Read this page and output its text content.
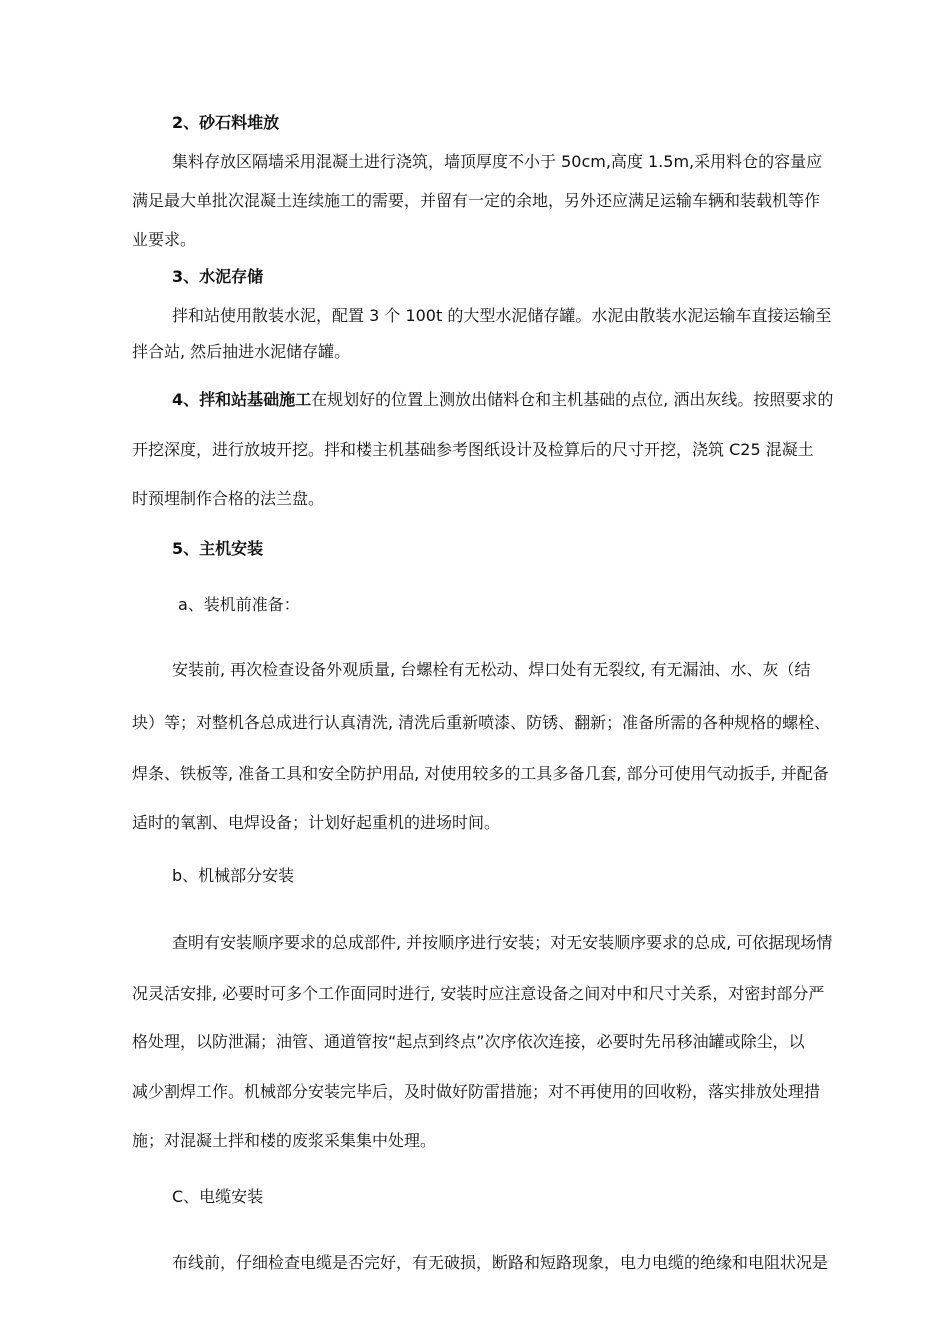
2、砂石料堆放

集料存放区隔墙采用混凝土进行浇筑，墙顶厚度不小于 50cm,高度 1.5m,采用料仓的容量应

满足最大单批次混凝土连续施工的需要，并留有一定的余地，另外还应满足运输车辆和装载机等作

业要求。

3、水泥存储

拌和站使用散装水泥，配置 3 个 100t 的大型水泥储存罐。水泥由散装水泥运输车直接运输至

拌合站, 然后抽进水泥储存罐。

4、拌和站基础施工在规划好的位置上测放出储料仓和主机基础的点位, 洒出灰线。按照要求的

开挖深度，进行放坡开挖。拌和楼主机基础参考图纸设计及检算后的尺寸开挖，浇筑 C25 混凝土

时预埋制作合格的法兰盘。

5、主机安装

a、装机前准备：

安装前, 再次检查设备外观质量, 台螺栓有无松动、焊口处有无裂纹, 有无漏油、水、灰（结

块）等；对整机各总成进行认真清洗, 清洗后重新喷漆、防锈、翻新；准备所需的各种规格的螺栓、

焊条、铁板等, 准备工具和安全防护用品, 对使用较多的工具多备几套, 部分可使用气动扳手, 并配备

适时的氧割、电焊设备；计划好起重机的进场时间。

b、机械部分安装

查明有安装顺序要求的总成部件, 并按顺序进行安装；对无安装顺序要求的总成, 可依据现场情

况灵活安排, 必要时可多个工作面同时进行, 安装时应注意设备之间对中和尺寸关系，对密封部分严

格处理，以防泄漏；油管、通道管按“起点到终点”次序依次连接，必要时先吊移油罐或除尘，以

减少割焊工作。机械部分安装完毕后，及时做好防雷措施；对不再使用的回收粉，落实排放处理措

施；对混凝土拌和楼的废浆采集集中处理。

C、电缆安装

布线前，仔细检查电缆是否完好，有无破损，断路和短路现象，电力电缆的绝缘和电阻状况是
